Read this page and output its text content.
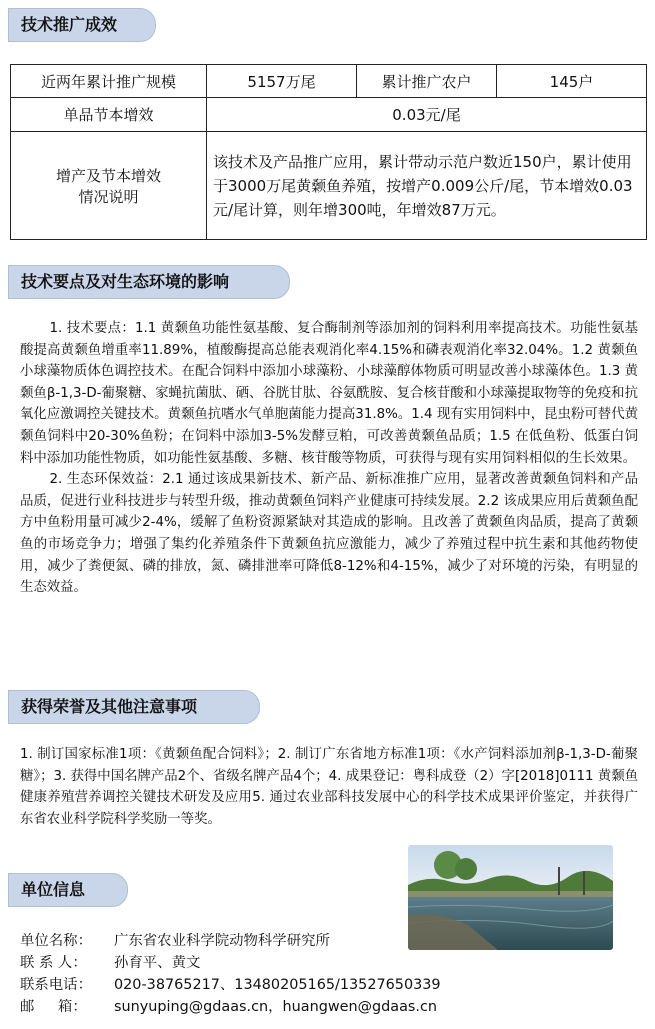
技术推广成效
近两年累计推广规模	5157万尾	累计推广农户	145户
单品节本增效	0.03元/尾		

增产及节本增效
情况说明	该技术及产品推广应用，累计带动示范户数近150户，累计使用于3000万尾黄颡鱼养殖，按增产0.009公斤/尾，节本增效0.03元/尾计算，则年增300吨，年增效87万元。		
技术要点及对生态环境的影响

1. 技术要点：1.1 黄颡鱼功能性氨基酸、复合酶制剂等添加剂的饲料利用率提高技术。功能性氨基酸提高黄颡鱼增重率11.89%，植酸酶提高总能表观消化率4.15%和磷表观消化率32.04%。1.2 黄颡鱼小球藻物质体色调控技术。在配合饲料中添加小球藻粉、小球藻醇体物质可明显改善小球藻体色。1.3 黄颡鱼β-1,3-D-葡聚糖、家蝇抗菌肽、硒、谷胱甘肽、谷氨酰胺、复合核苷酸和小球藻提取物等的免疫和抗氧化应激调控关键技术。黄颡鱼抗嗜水气单胞菌能力提高31.8%。1.4 现有实用饲料中，昆虫粉可替代黄颡鱼饲料中20-30%鱼粉；在饲料中添加3-5%发酵豆粕，可改善黄颡鱼品质；1.5 在低鱼粉、低蛋白饲料中添加功能性物质，如功能性氨基酸、多糖、核苷酸等物质，可获得与现有实用饲料相似的生长效果。

2. 生态环保效益：2.1 通过该成果新技术、新产品、新标准推广应用，显著改善黄颡鱼饲料和产品品质，促进行业科技进步与转型升级，推动黄颡鱼饲料产业健康可持续发展。2.2 该成果应用后黄颡鱼配方中鱼粉用量可减少2-4%，缓解了鱼粉资源紧缺对其造成的影响。且改善了黄颡鱼肉品质，提高了黄颡鱼的市场竞争力；增强了集约化养殖条件下黄颡鱼抗应激能力，减少了养殖过程中抗生素和其他药物使用，减少了粪便氮、磷的排放，氮、磷排泄率可降低8-12%和4-15%，减少了对环境的污染，有明显的生态效益。

获得荣誉及其他注意事项
1. 制订国家标准1项：《黄颡鱼配合饲料》；2. 制订广东省地方标准1项：《水产饲料添加剂β-1,3-D-葡聚糖》；3. 获得中国名牌产品2个、省级名牌产品4个；4. 成果登记：粤科成登（2）字[2018]0111 黄颡鱼健康养殖营养调控关键技术研发及应用5. 通过农业部科技发展中心的科学技术成果评价鉴定，并获得广东省农业科学院科学奖励一等奖。
单位信息
单位名称：	广东省农业科学院动物科学研究所
联 系 人：	孙育平、黄文
联系电话：	020-38765217、13480205165/13527650339
邮　  箱：	sunyuping@gdaas.cn，huangwen@gdaas.cn
